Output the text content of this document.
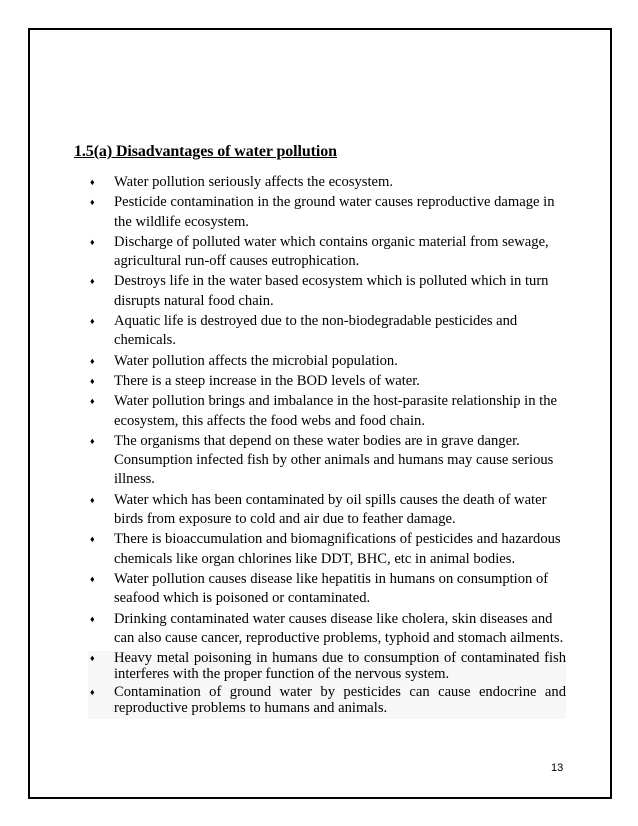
1.5(a) Disadvantages of water pollution
♦ Water pollution seriously affects the ecosystem.
♦ Pesticide contamination in the ground water causes reproductive damage in the wildlife ecosystem.
♦ Discharge of polluted water which contains organic material from sewage, agricultural run-off causes eutrophication.
♦ Destroys life in the water based ecosystem which is polluted which in turn disrupts natural food chain.
♦ Aquatic life is destroyed due to the non-biodegradable pesticides and chemicals.
♦ Water pollution affects the microbial population.
♦ There is a steep increase in the BOD levels of water.
♦ Water pollution brings and imbalance in the host-parasite relationship in the ecosystem, this affects the food webs and food chain.
♦ The organisms that depend on these water bodies are in grave danger. Consumption infected fish by other animals and humans may cause serious illness.
♦ Water which has been contaminated by oil spills causes the death of water birds from exposure to cold and air due to feather damage.
♦ There is bioaccumulation and biomagnifications of pesticides and hazardous chemicals like organ chlorines like DDT, BHC, etc in animal bodies.
♦ Water pollution causes disease like hepatitis in humans on consumption of seafood which is poisoned or contaminated.
♦ Drinking contaminated water causes disease like cholera, skin diseases and can also cause cancer, reproductive problems, typhoid and stomach ailments.
♦ Heavy metal poisoning in humans due to consumption of contaminated fish interferes with the proper function of the nervous system.
♦ Contamination of ground water by pesticides can cause endocrine and reproductive problems to humans and animals.
13
